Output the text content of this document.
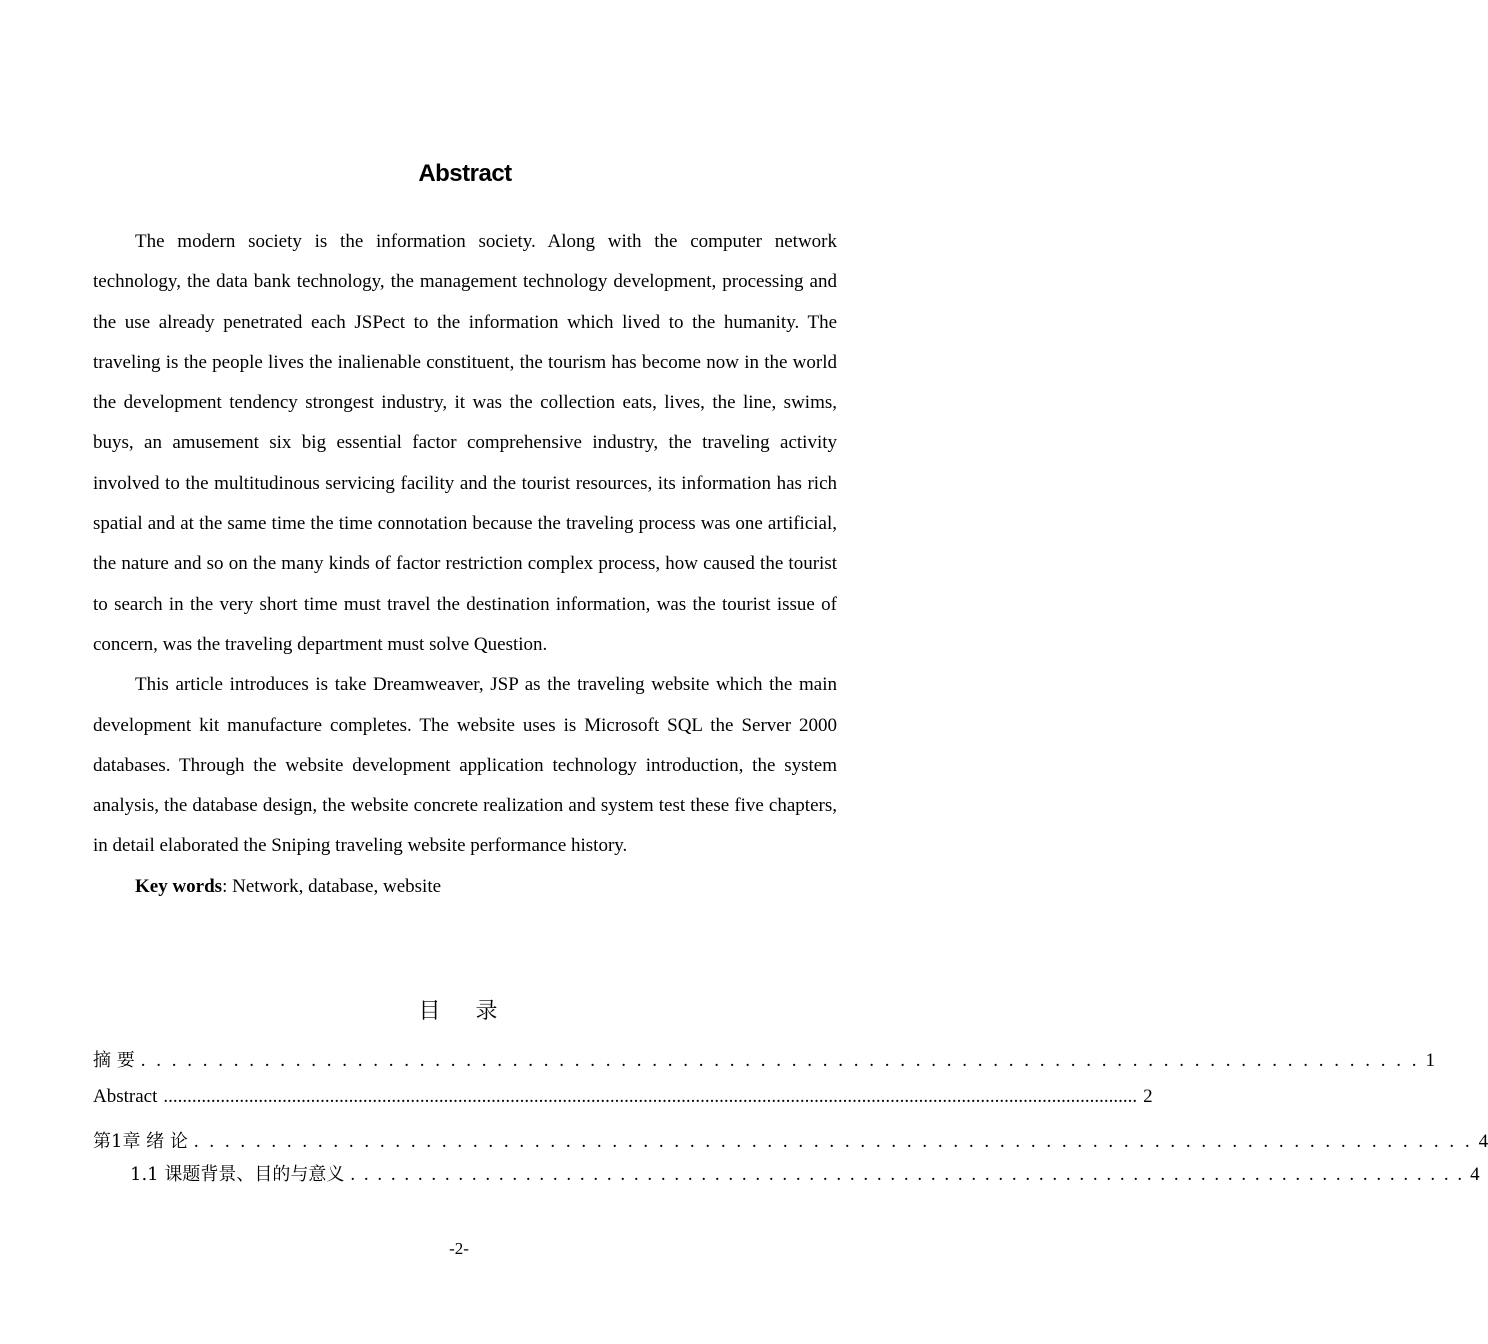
Abstract

The modern society is the information society. Along with the computer network technology, the data bank technology, the management technology development, processing and the use already penetrated each JSPect to the information which lived to the humanity. The traveling is the people lives the inalienable constituent, the tourism has become now in the world the development tendency strongest industry, it was the collection eats, lives, the line, swims, buys, an amusement six big essential factor comprehensive industry, the traveling activity involved to the multitudinous servicing facility and the tourist resources, its information has rich spatial and at the same time the time connotation because the traveling process was one artificial, the nature and so on the many kinds of factor restriction complex process, how caused the tourist to search in the very short time must travel the destination information, was the tourist issue of concern, was the traveling department must solve Question.

This article introduces is take Dreamweaver, JSP as the traveling website which the main development kit manufacture completes. The website uses is Microsoft SQL the Server 2000 databases. Through the website development application technology introduction, the system analysis, the database design, the website concrete realization and system test these five chapters, in detail elaborated the Sniping traveling website performance history.

Key words: Network, database, website

目 录
摘 要 . . . . . . . . . . . . . . . . . . . . . . . . . . . . . . . . . . . . . . . . . . . . . . . . . . . . . . . . . . . . . . . . . . . . . . . . . . . . . . . . . . . 1
Abstract ............................................................................................................................................................................................................. 2
第1章 绪 论 . . . . . . . . . . . . . . . . . . . . . . . . . . . . . . . . . . . . . . . . . . . . . . . . . . . . . . . . . . . . . . . . . . . . . . . . . . . . . . . . . . . 4
1.1 课题背景、目的与意义 . . . . . . . . . . . . . . . . . . . . . . . . . . . . . . . . . . . . . . . . . . . . . . . . . . . . . . . . . . . . . . . . . . . . . . . . . . . . . . . . . . . 4
-2-
